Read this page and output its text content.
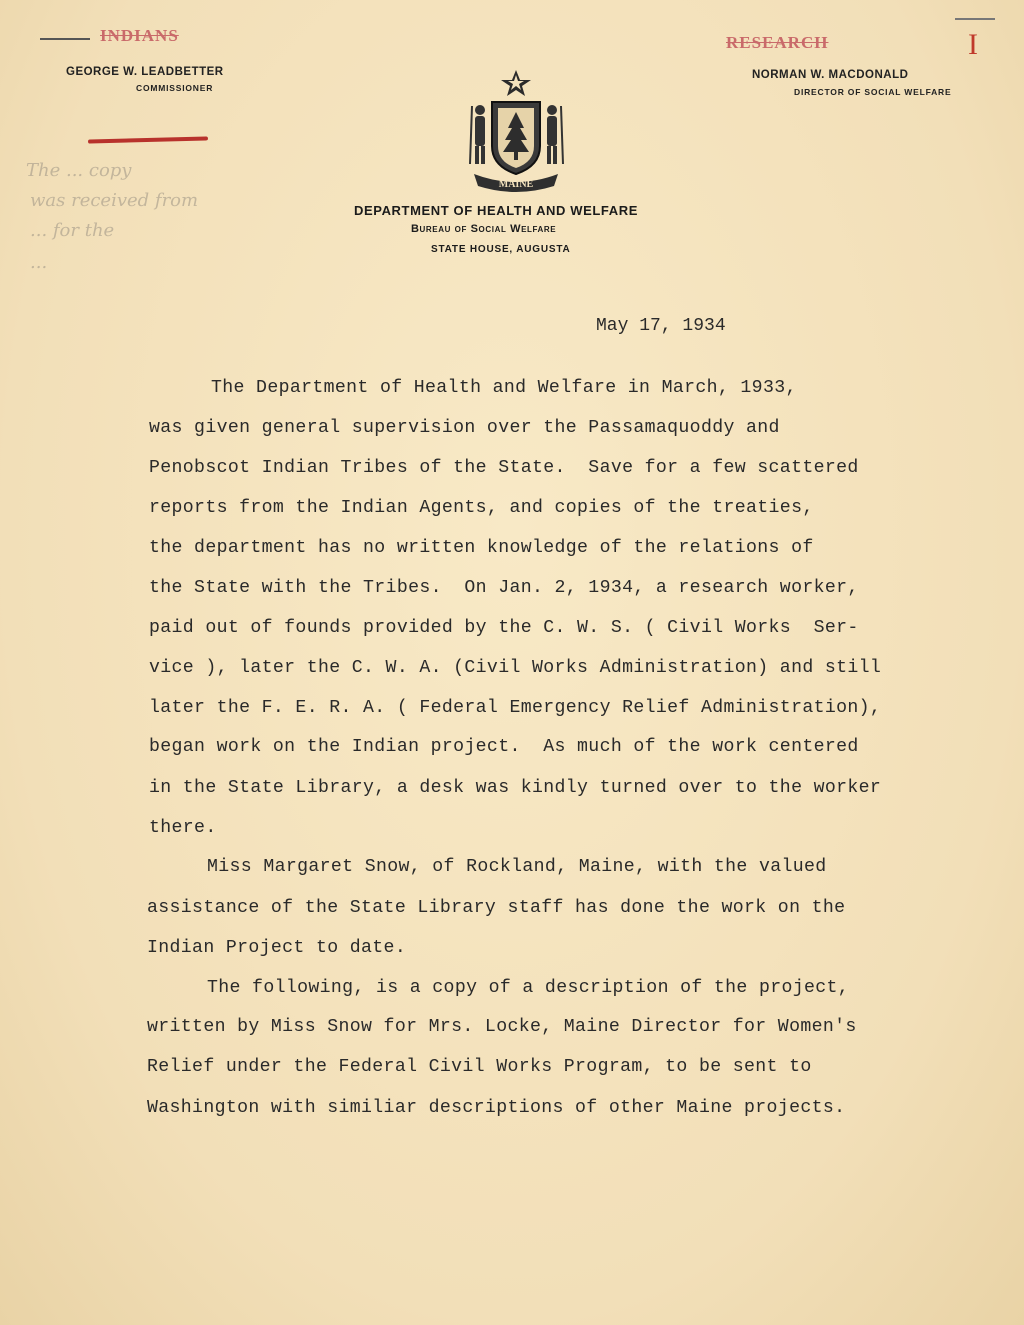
INDIANS
GEORGE W. LEADBETTER
COMMISSIONER
RESEARCH	I
NORMAN W. MACDONALD
DIRECTOR OF SOCIAL WELFARE
The ... copy
was received from
... for the
...
MAINE
DEPARTMENT OF HEALTH AND WELFARE
Bureau of Social Welfare
STATE HOUSE, AUGUSTA
May 17, 1934
The Department of Health and Welfare in March, 1933,
was given general supervision over the Passamaquoddy and
Penobscot Indian Tribes of the State.  Save for a few scattered
reports from the Indian Agents, and copies of the treaties,
the department has no written knowledge of the relations of
the State with the Tribes.  On Jan. 2, 1934, a research worker,
paid out of founds provided by the C. W. S. ( Civil Works  Ser-
vice ), later the C. W. A. (Civil Works Administration) and still
later the F. E. R. A. ( Federal Emergency Relief Administration),
began work on the Indian project.  As much of the work centered
in the State Library, a desk was kindly turned over to the worker
there.
Miss Margaret Snow, of Rockland, Maine, with the valued
assistance of the State Library staff has done the work on the
Indian Project to date.
The following, is a copy of a description of the project,
written by Miss Snow for Mrs. Locke, Maine Director for Women's
Relief under the Federal Civil Works Program, to be sent to
Washington with similiar descriptions of other Maine projects.
